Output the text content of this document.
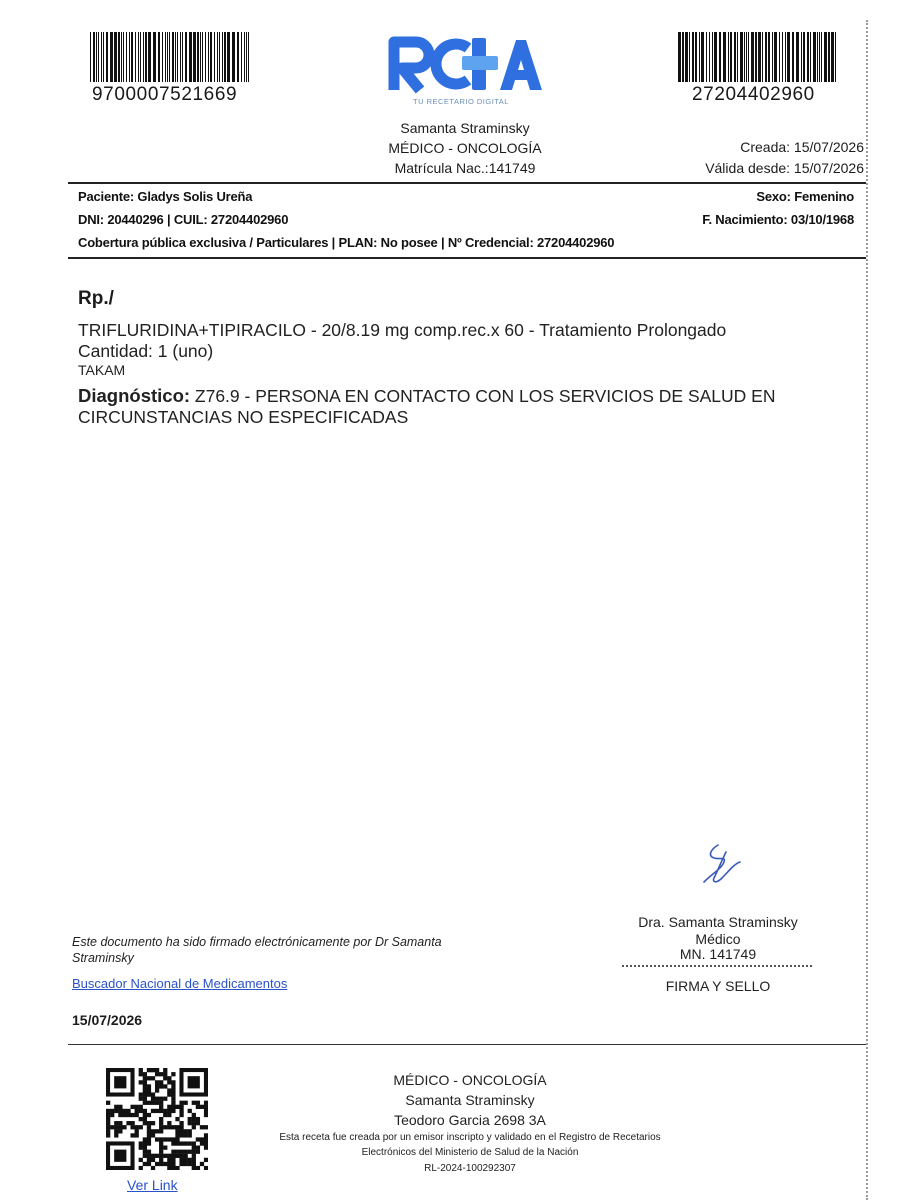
9700007521669	27204402960
TU RECETARIO DIGITAL
Samanta Straminsky
MÉDICO - ONCOLOGÍA
Matrícula Nac.:141749
Creada: 15/07/2026
Válida desde: 15/07/2026
Paciente: Gladys Solis Ureña	Sexo: Femenino
DNI: 20440296 | CUIL: 27204402960	F. Nacimiento: 03/10/1968
Cobertura pública exclusiva / Particulares | PLAN: No posee | Nº Credencial: 27204402960
Rp./
TRIFLURIDINA+TIPIRACILO - 20/8.19 mg comp.rec.x 60 - Tratamiento Prolongado
Cantidad: 1 (uno)
TAKAM
Diagnóstico: Z76.9 - PERSONA EN CONTACTO CON LOS SERVICIOS DE SALUD EN
CIRCUNSTANCIAS NO ESPECIFICADAS
Dra. Samanta Straminsky
Médico
MN. 141749
FIRMA Y SELLO
Este documento ha sido firmado electrónicamente por Dr Samanta
Straminsky
Buscador Nacional de Medicamentos
15/07/2026
Ver Link
MÉDICO - ONCOLOGÍA
Samanta Straminsky
Teodoro Garcia 2698 3A
Esta receta fue creada por un emisor inscripto y validado en el Registro de Recetarios
Electrónicos del Ministerio de Salud de la Nación
RL-2024-100292307
